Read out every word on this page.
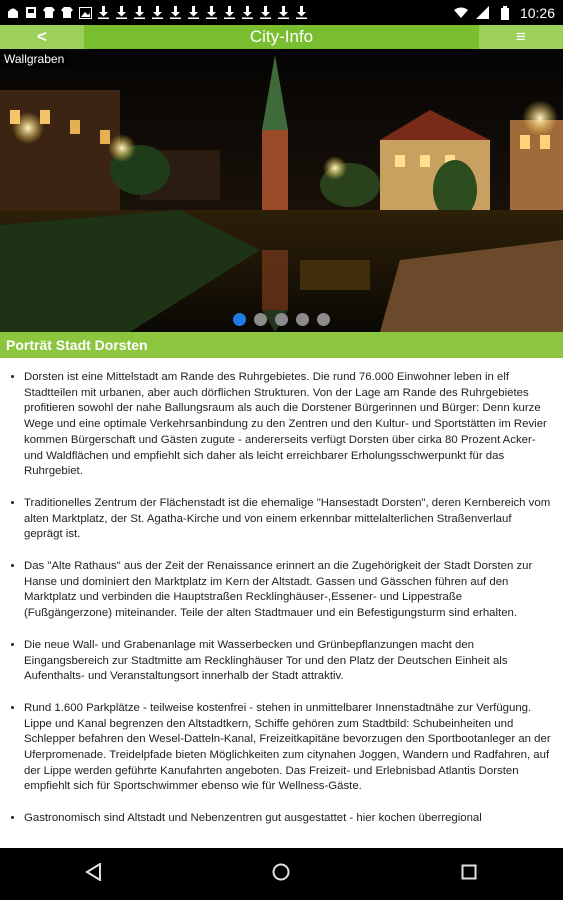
10:26
<	City-Info	≡
Wallgraben
Porträt Stadt Dorsten
• Dorsten ist eine Mittelstadt am Rande des Ruhrgebietes. Die rund 76.000 Einwohner leben in elf Stadtteilen mit urbanen, aber auch dörflichen Strukturen. Von der Lage am Rande des Ruhrgebietes profitieren sowohl der nahe Ballungsraum als auch die Dorstener Bürgerinnen und Bürger: Denn kurze Wege und eine optimale Verkehrsanbindung zu den Zentren und den Kultur- und Sportstätten im Revier kommen Bürgerschaft und Gästen zugute - andererseits verfügt Dorsten über cirka 80 Prozent Acker- und Waldflächen und empfiehlt sich daher als leicht erreichbarer Erholungsschwerpunkt für das Ruhrgebiet.
• Traditionelles Zentrum der Flächenstadt ist die ehemalige "Hansestadt Dorsten", deren Kernbereich vom alten Marktplatz, der St. Agatha-Kirche und von einem erkennbar mittelalterlichen Straßenverlauf geprägt ist.
• Das "Alte Rathaus" aus der Zeit der Renaissance erinnert an die Zugehörigkeit der Stadt Dorsten zur Hanse und dominiert den Marktplatz im Kern der Altstadt. Gassen und Gässchen führen auf den Marktplatz und verbinden die Hauptstraßen Recklinghäuser-,Essener- und Lippestraße (Fußgängerzone) miteinander. Teile der alten Stadtmauer und ein Befestigungsturm sind erhalten.
• Die neue Wall- und Grabenanlage mit Wasserbecken und Grünbepflanzungen macht den Eingangsbereich zur Stadtmitte am Recklinghäuser Tor und den Platz der Deutschen Einheit als Aufenthalts- und Veranstaltungsort innerhalb der Stadt attraktiv.
• Rund 1.600 Parkplätze - teilweise kostenfrei - stehen in unmittelbarer Innenstadtnähe zur Verfügung. Lippe und Kanal begrenzen den Altstadtkern, Schiffe gehören zum Stadtbild: Schubeinheiten und Schlepper befahren den Wesel-Datteln-Kanal, Freizeitkapitäne bevorzugen den Sportbootanleger an der Uferpromenade. Treidelpfade bieten Möglichkeiten zum citynahen Joggen, Wandern und Radfahren, auf der Lippe werden geführte Kanufahrten angeboten. Das Freizeit- und Erlebnisbad Atlantis Dorsten empfiehlt sich für Sportschwimmer ebenso wie für Wellness-Gäste.
• Gastronomisch sind Altstadt und Nebenzentren gut ausgestattet - hier kochen überregional
